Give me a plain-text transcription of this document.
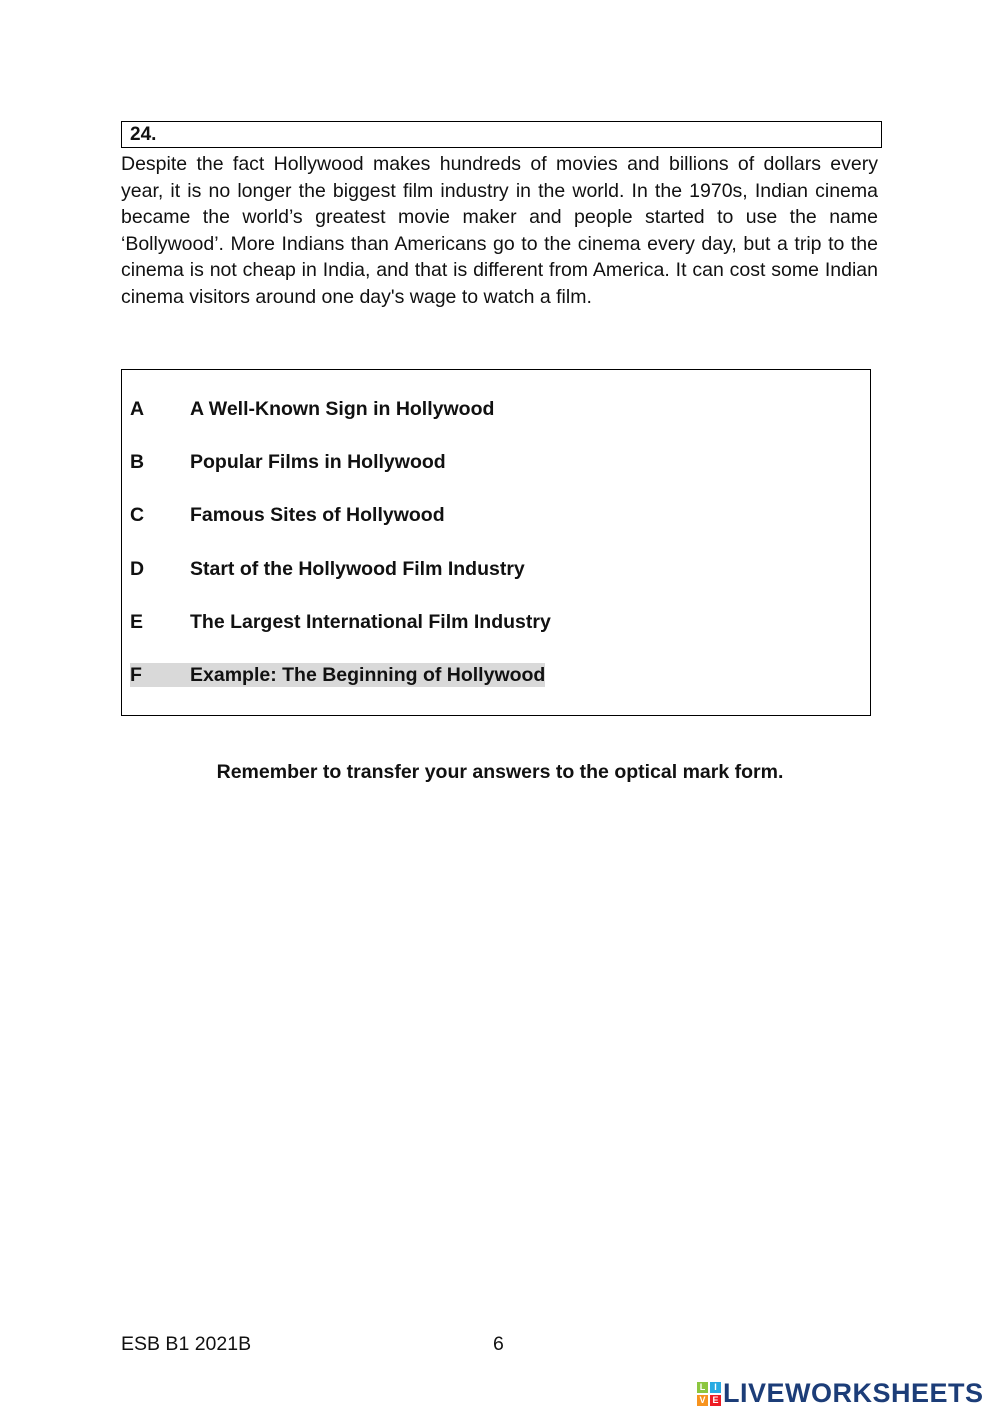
24.

Despite the fact Hollywood makes hundreds of movies and billions of dollars every year, it is no longer the biggest film industry in the world. In the 1970s, Indian cinema became the world’s greatest movie maker and people started to use the name ‘Bollywood’. More Indians than Americans go to the cinema every day, but a trip to the cinema is not cheap in India, and that is different from America. It can cost some Indian cinema visitors around one day's wage to watch a film.

A	A Well-Known Sign in Hollywood
B	Popular Films in Hollywood
C	Famous Sites of Hollywood
D	Start of the Hollywood Film Industry
E	The Largest International Film Industry
F	Example: The Beginning of Hollywood
Remember to transfer your answers to the optical mark form.
ESB B1 2021B	6
L I
V E LIVEWORKSHEETS
